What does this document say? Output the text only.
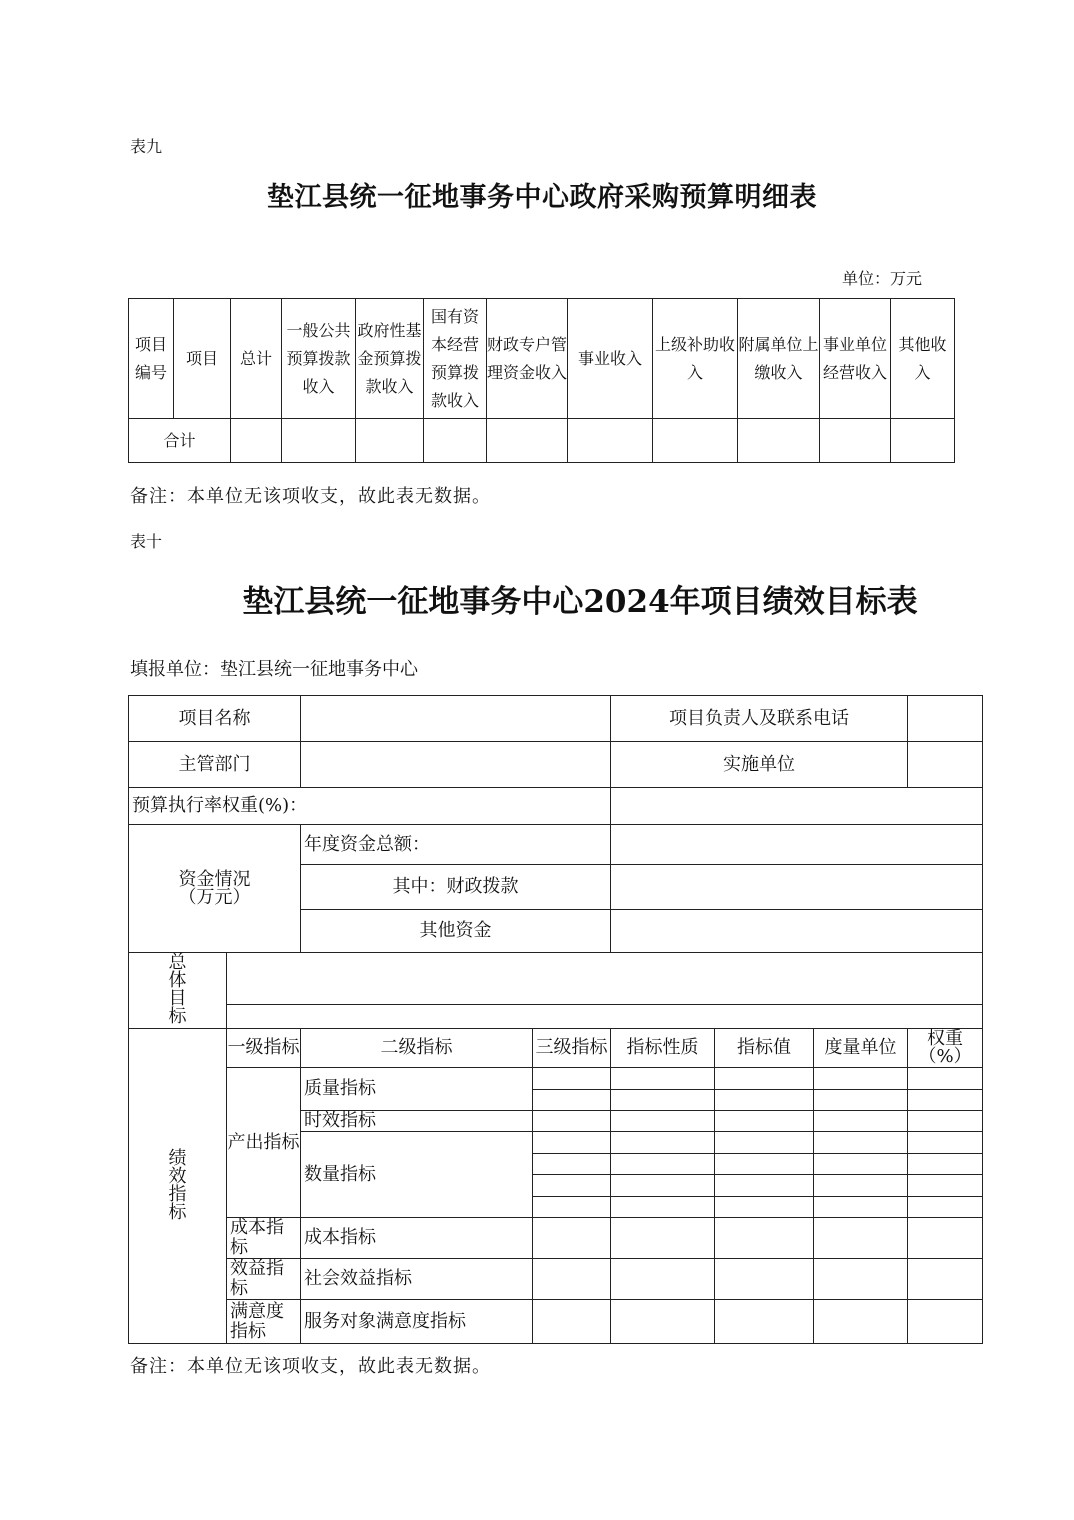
表九
垫江县统一征地事务中心政府采购预算明细表
单位：万元
项目编号	项目	总计	一般公共预算拨款收入	政府性基金预算拨款收入	国有资本经营预算拨款收入	财政专户管理资金收入	事业收入	上级补助收入	附属单位上缴收入	事业单位经营收入	其他收入
合计											
备注：本单位无该项收支，故此表无数据。
表十
垫江县统一征地事务中心2024年项目绩效目标表
填报单位：垫江县统一征地事务中心
项目名称				项目负责人及联系电话			
主管部门				实施单位			
预算执行率权重(%)：							

资金情况（万元）		年度资金总额：					
		其中：财政拨款					
		其他资金					
总体目标							

绩效指标	一级指标	二级指标	三级指标	指标性质	指标值	度量单位	权重（%）

	产出指标	质量指标					

		时效指标					
		数量指标					

	成本指标	成本指标					
	效益指标	社会效益指标					
	满意度指标	服务对象满意度指标					
备注：本单位无该项收支，故此表无数据。
